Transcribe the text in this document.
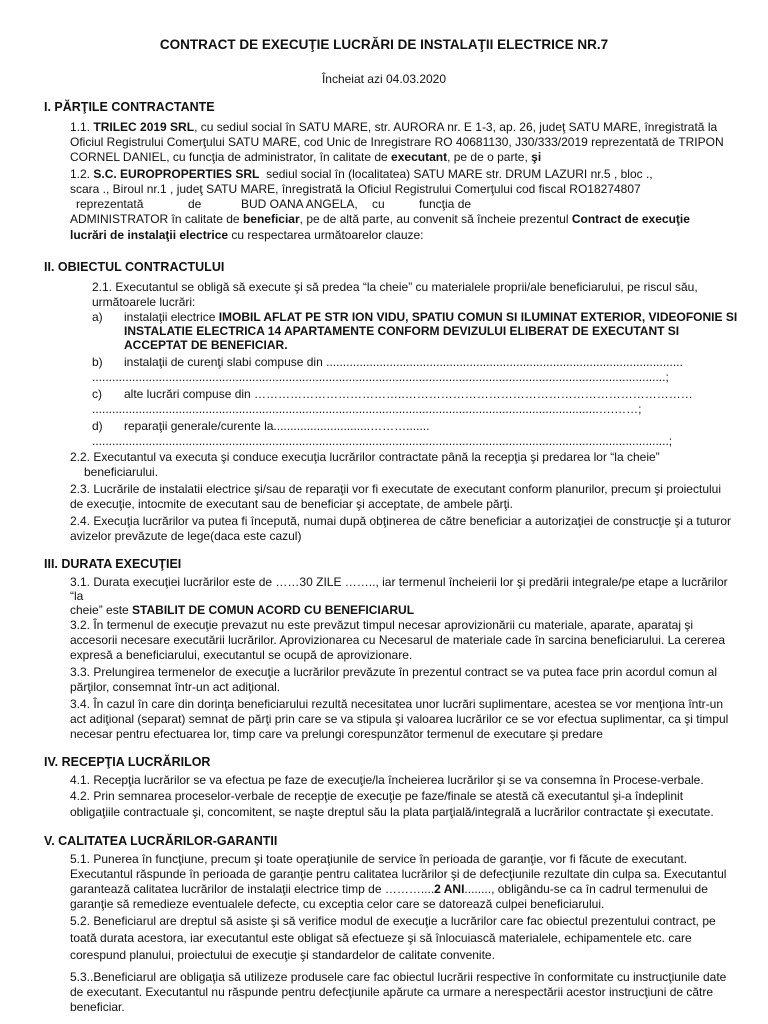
CONTRACT DE EXECUŢIE LUCRĂRI DE INSTALAŢII ELECTRICE NR.7
Încheiat azi 04.03.2020
I. PĂRŢILE CONTRACTANTE
1.1. TRILEC 2019 SRL, cu sediul social în SATU MARE, str. AURORA nr. E 1-3, ap. 26, judeţ SATU MARE, înregistrată la
Oficiul Registrului Comerţului SATU MARE, cod Unic de Inregistrare RO 40681130, J30/333/2019 reprezentată de TRIPON
CORNEL DANIEL, cu funcţia de administrator, în calitate de executant, pe de o parte, şi
1.2. S.C. EUROPROPERTIES SRL sediul social în (localitatea) SATU MARE str. DRUM LAZURI nr.5 , bloc .,
scara ., Biroul nr.1 , judeţ SATU MARE, înregistrată la Oficiul Registrului Comerţului cod fiscal RO18274807
reprezentată	de	BUD OANA ANGELA, cu	funcţia de
ADMINISTRATOR în calitate de beneficiar, pe de altă parte, au convenit să încheie prezentul Contract de execuţie
lucrări de instalaţii electrice cu respectarea următoarelor clauze:
II. OBIECTUL CONTRACTULUI
2.1. Executantul se obligă să execute şi să predea “la cheie” cu materialele proprii/ale beneficiarului, pe riscul său,
următoarele lucrări:
a) instalaţii electrice IMOBIL AFLAT PE STR ION VIDU, SPATIU COMUN SI ILUMINAT EXTERIOR, VIDEOFONIE SI
INSTALATIE ELECTRICA 14 APARTAMENTE CONFORM DEVIZULUI ELIBERAT DE EXECUTANT SI
ACCEPTAT DE BENEFICIAR.
b) instalaţii de curenţi slabi compuse din ...........................................................................................................
............................................................................................................................................................................;
c) alte lucrări compuse din ………………………………..………………………………………………………………
........................................................................................................................................................….……;
d) reparaţii generale/curente la.............................……….......
.............................................................................................................................................................................;
2.2. Executantul va executa şi conduce execuţia lucrărilor contractate până la recepţia şi predarea lor “la cheie”
beneficiarului.
2.3. Lucrările de instalatii electrice şi/sau de reparaţii vor fi executate de executant conform planurilor, precum şi proiectului
de execuţie, intocmite de executant sau de beneficiar şi acceptate, de ambele părţi.
2.4. Execuţia lucrărilor va putea fi începută, numai după obţinerea de către beneficiar a autorizaţiei de construcţie şi a tuturor
avizelor prevăzute de lege(daca este cazul)
III. DURATA EXECUŢIEI
3.1. Durata execuţiei lucrărilor este de ……30 ZILE …….., iar termenul încheierii lor şi predării integrale/pe etape a lucrărilor
“la
cheie” este STABILIT DE COMUN ACORD CU BENEFICIARUL
3.2. În termenul de execuţie prevazut nu este prevăzut timpul necesar aprovizionării cu materiale, aparate, aparataj şi
accesorii necesare executării lucrărilor. Aprovizionarea cu Necesarul de materiale cade în sarcina beneficiarului. La cererea
expresă a beneficiarului, executantul se ocupă de aprovizionare.
3.3. Prelungirea termenelor de execuţie a lucrărilor prevăzute în prezentul contract se va putea face prin acordul comun al
părţilor, consemnat într-un act adiţional.
3.4. În cazul în care din dorinţa beneficiarului rezultă necesitatea unor lucrări suplimentare, acestea se vor menţiona într-un
act adiţional (separat) semnat de părţi prin care se va stipula şi valoarea lucrărilor ce se vor efectua suplimentar, ca şi timpul
necesar pentru efectuarea lor, timp care va prelungi corespunzător termenul de executare şi predare
IV. RECEPŢIA LUCRĂRILOR
4.1. Recepţia lucrărilor se va efectua pe faze de execuţie/la încheierea lucrărilor şi se va consemna în Procese-verbale.
4.2. Prin semnarea proceselor-verbale de recepţie de execuţie pe faze/finale se atestă că executantul şi-a îndeplinit
obligaţiile contractuale şi, concomitent, se naşte dreptul său la plata parţială/integrală a lucrărilor contractate şi executate.
V. CALITATEA LUCRĂRILOR-GARANTII
5.1. Punerea în funcţiune, precum şi toate operaţiunile de service în perioada de garanţie, vor fi făcute de executant.
Executantul răspunde în perioada de garanţie pentru calitatea lucrărilor şi de defecţiunile rezultate din culpa sa. Executantul
garantează calitatea lucrărilor de instalaţii electrice timp de ………....2 ANI........, obligându-se ca în cadrul termenului de
garanţie să remedieze eventualele defecte, cu exceptia celor care se datorează culpei beneficiarului.
5.2. Beneficiarul are dreptul să asiste şi să verifice modul de execuţie a lucrărilor care fac obiectul prezentului contract, pe
toată durata acestora, iar executantul este obligat să efectueze şi să înlocuiască materialele, echipamentele etc. care
corespund planului, proiectului de execuţie şi standardelor de calitate convenite.
5.3..Beneficiarul are obligaţia să utilizeze produsele care fac obiectul lucrării respective în conformitate cu instrucţiunile date
de executant. Executantul nu răspunde pentru defecţiunile apărute ca urmare a nerespectării acestor instrucţiuni de către
beneficiar.
